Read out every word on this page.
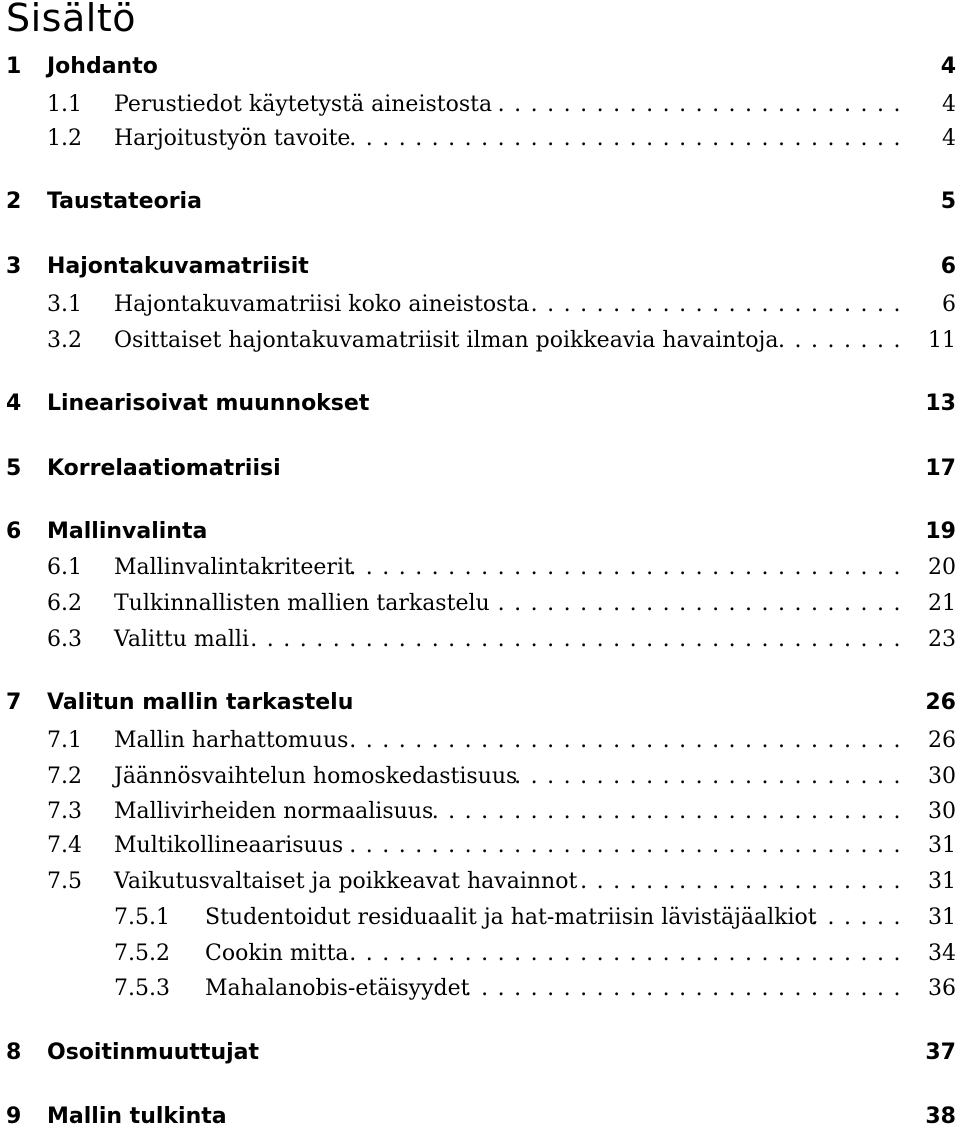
Sisältö
1 Johdanto	4
1.1 Perustiedot käytetystä aineistosta	4
.........................
1.2 Harjoitustyön tavoite	4
..................................
2 Taustateoria	5
3 Hajontakuvamatriisit	6
3.1 Hajontakuvamatriisi koko aineistosta	6
.......................
3.2 Osittaiset hajontakuvamatriisit ilman poikkeavia havaintoja	11
........
4 Linearisoivat muunnokset	13
5 Korrelaatiomatriisi	17
6 Mallinvalinta	19
6.1 Mallinvalintakriteerit	20
..................................
6.2 Tulkinnallisten mallien tarkastelu	21
.........................
6.3 Valittu malli	23
........................................
7 Valitun mallin tarkastelu	26
7.1 Mallin harhattomuus	26
..................................
7.2 Jäännösvaihtelun homoskedastisuus	30
........................
7.3 Mallivirheiden normaalisuus	30
.............................
7.4 Multikollineaarisuus	31
..................................
7.5 Vaikutusvaltaiset ja poikkeavat havainnot	31
....................
7.5.1 Studentoidut residuaalit ja hat-matriisin lävistäjäalkiot	31
......
7.5.2 Cookin mitta	34
..................................
7.5.3 Mahalanobis-etäisyydet	36
...........................
8 Osoitinmuuttujat	37
9 Mallin tulkinta	38
